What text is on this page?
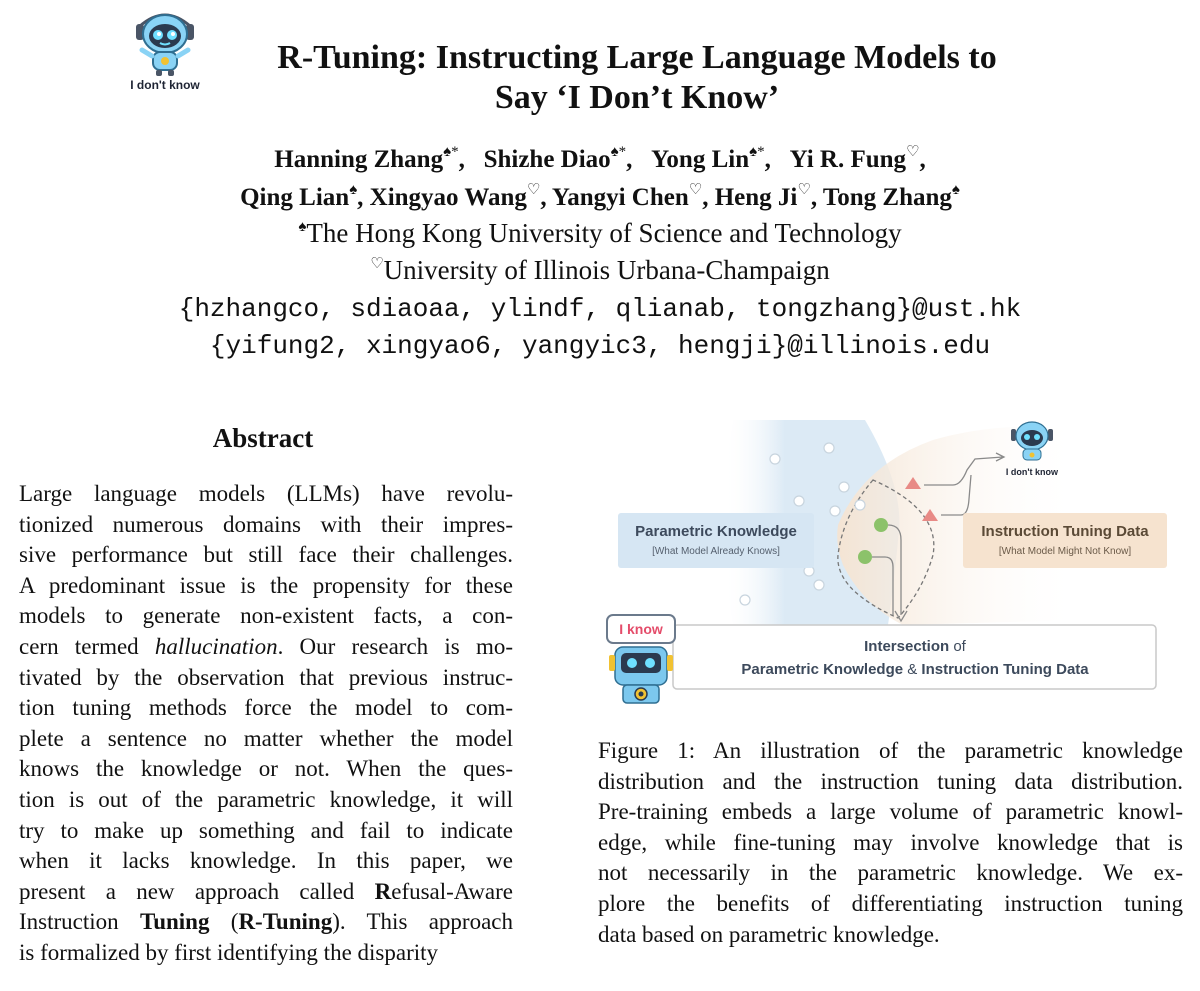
I don't know
R-Tuning: Instructing Large Language Models to
Say ‘I Don’t Know’
Hanning Zhang♠*,   Shizhe Diao♠*,   Yong Lin♠*,   Yi R. Fung♡,
Qing Lian♠, Xingyao Wang♡, Yangyi Chen♡, Heng Ji♡, Tong Zhang♠
♠The Hong Kong University of Science and Technology
♡University of Illinois Urbana-Champaign
{hzhangco, sdiaoaa, ylindf, qlianab, tongzhang}@ust.hk
{yifung2, xingyao6, yangyic3, hengji}@illinois.edu
Abstract
Large language models (LLMs) have revolu-
tionized numerous domains with their impres-
sive performance but still face their challenges.
A predominant issue is the propensity for these
models to generate non-existent facts, a con-
cern termed hallucination. Our research is mo-
tivated by the observation that previous instruc-
tion tuning methods force the model to com-
plete a sentence no matter whether the model
knows the knowledge or not. When the ques-
tion is out of the parametric knowledge, it will
try to make up something and fail to indicate
when it lacks knowledge. In this paper, we
present a new approach called Refusal-Aware
Instruction Tuning (R-Tuning). This approach
is formalized by first identifying the disparity
I don't know
Parametric Knowledge
[What Model Already Knows]
Instruction Tuning Data
[What Model Might Not Know]
Intersection of
Parametric Knowledge & Instruction Tuning Data
I know
Figure 1: An illustration of the parametric knowledge
distribution and the instruction tuning data distribution.
Pre-training embeds a large volume of parametric knowl-
edge, while fine-tuning may involve knowledge that is
not necessarily in the parametric knowledge. We ex-
plore the benefits of differentiating instruction tuning
data based on parametric knowledge.
